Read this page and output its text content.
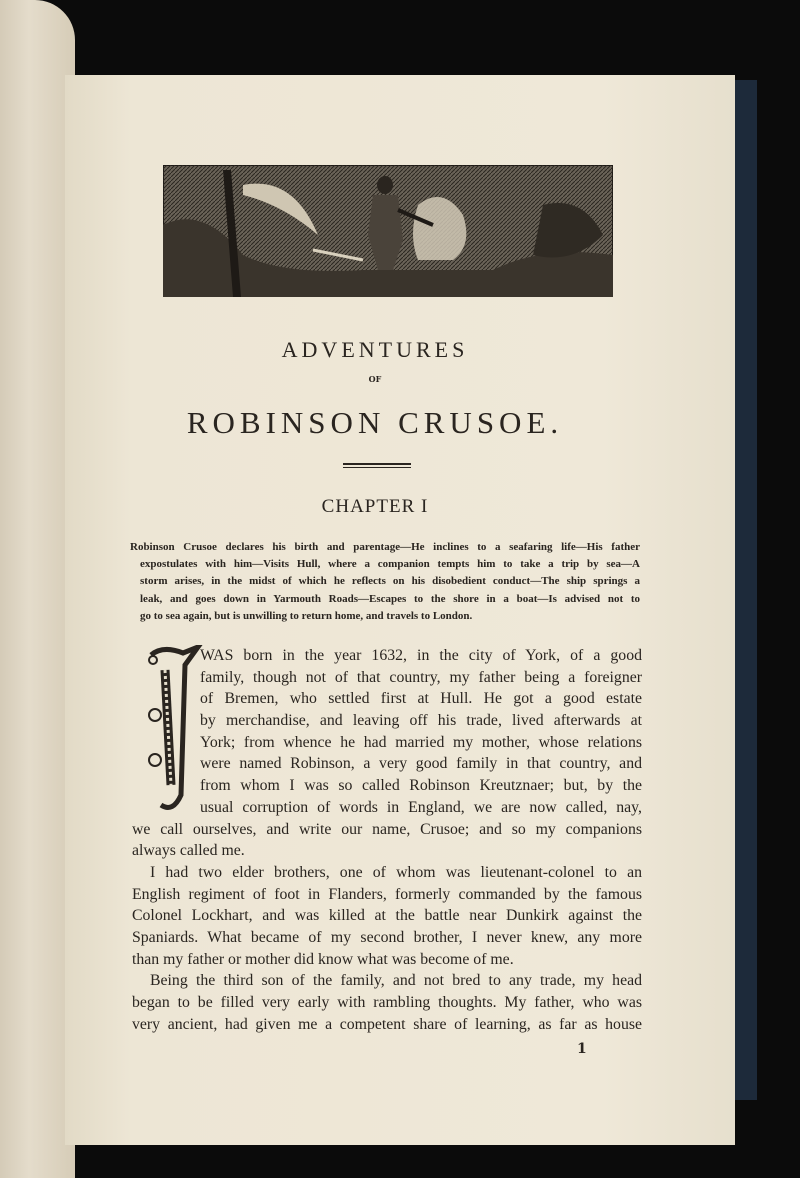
ADVENTURES
OF
ROBINSON CRUSOE.
CHAPTER I
Robinson Crusoe declares his birth and parentage—He inclines to a seafaring life—His father
expostulates with him—Visits Hull, where a companion tempts him to take a trip by sea—A
storm arises, in the midst of which he reflects on his disobedient conduct—The ship springs a
leak, and goes down in Yarmouth Roads—Escapes to the shore in a boat—Is advised not to
go to sea again, but is unwilling to return home, and travels to London.
WAS born in the year 1632, in the city of York, of a good
family, though not of that country, my father being a foreigner
of Bremen, who settled first at Hull. He got a good estate
by merchandise, and leaving off his trade, lived afterwards at
York; from whence he had married my mother, whose relations
were named Robinson, a very good family in that country, and
from whom I was so called Robinson Kreutznaer; but, by the
usual corruption of words in England, we are now called, nay,
we call ourselves, and write our name, Crusoe; and so my companions
always called me.
I had two elder brothers, one of whom was lieutenant-colonel to an
English regiment of foot in Flanders, formerly commanded by the famous
Colonel Lockhart, and was killed at the battle near Dunkirk against the
Spaniards. What became of my second brother, I never knew, any more
than my father or mother did know what was become of me.
Being the third son of the family, and not bred to any trade, my head
began to be filled very early with rambling thoughts. My father, who was
very ancient, had given me a competent share of learning, as far as house
1
